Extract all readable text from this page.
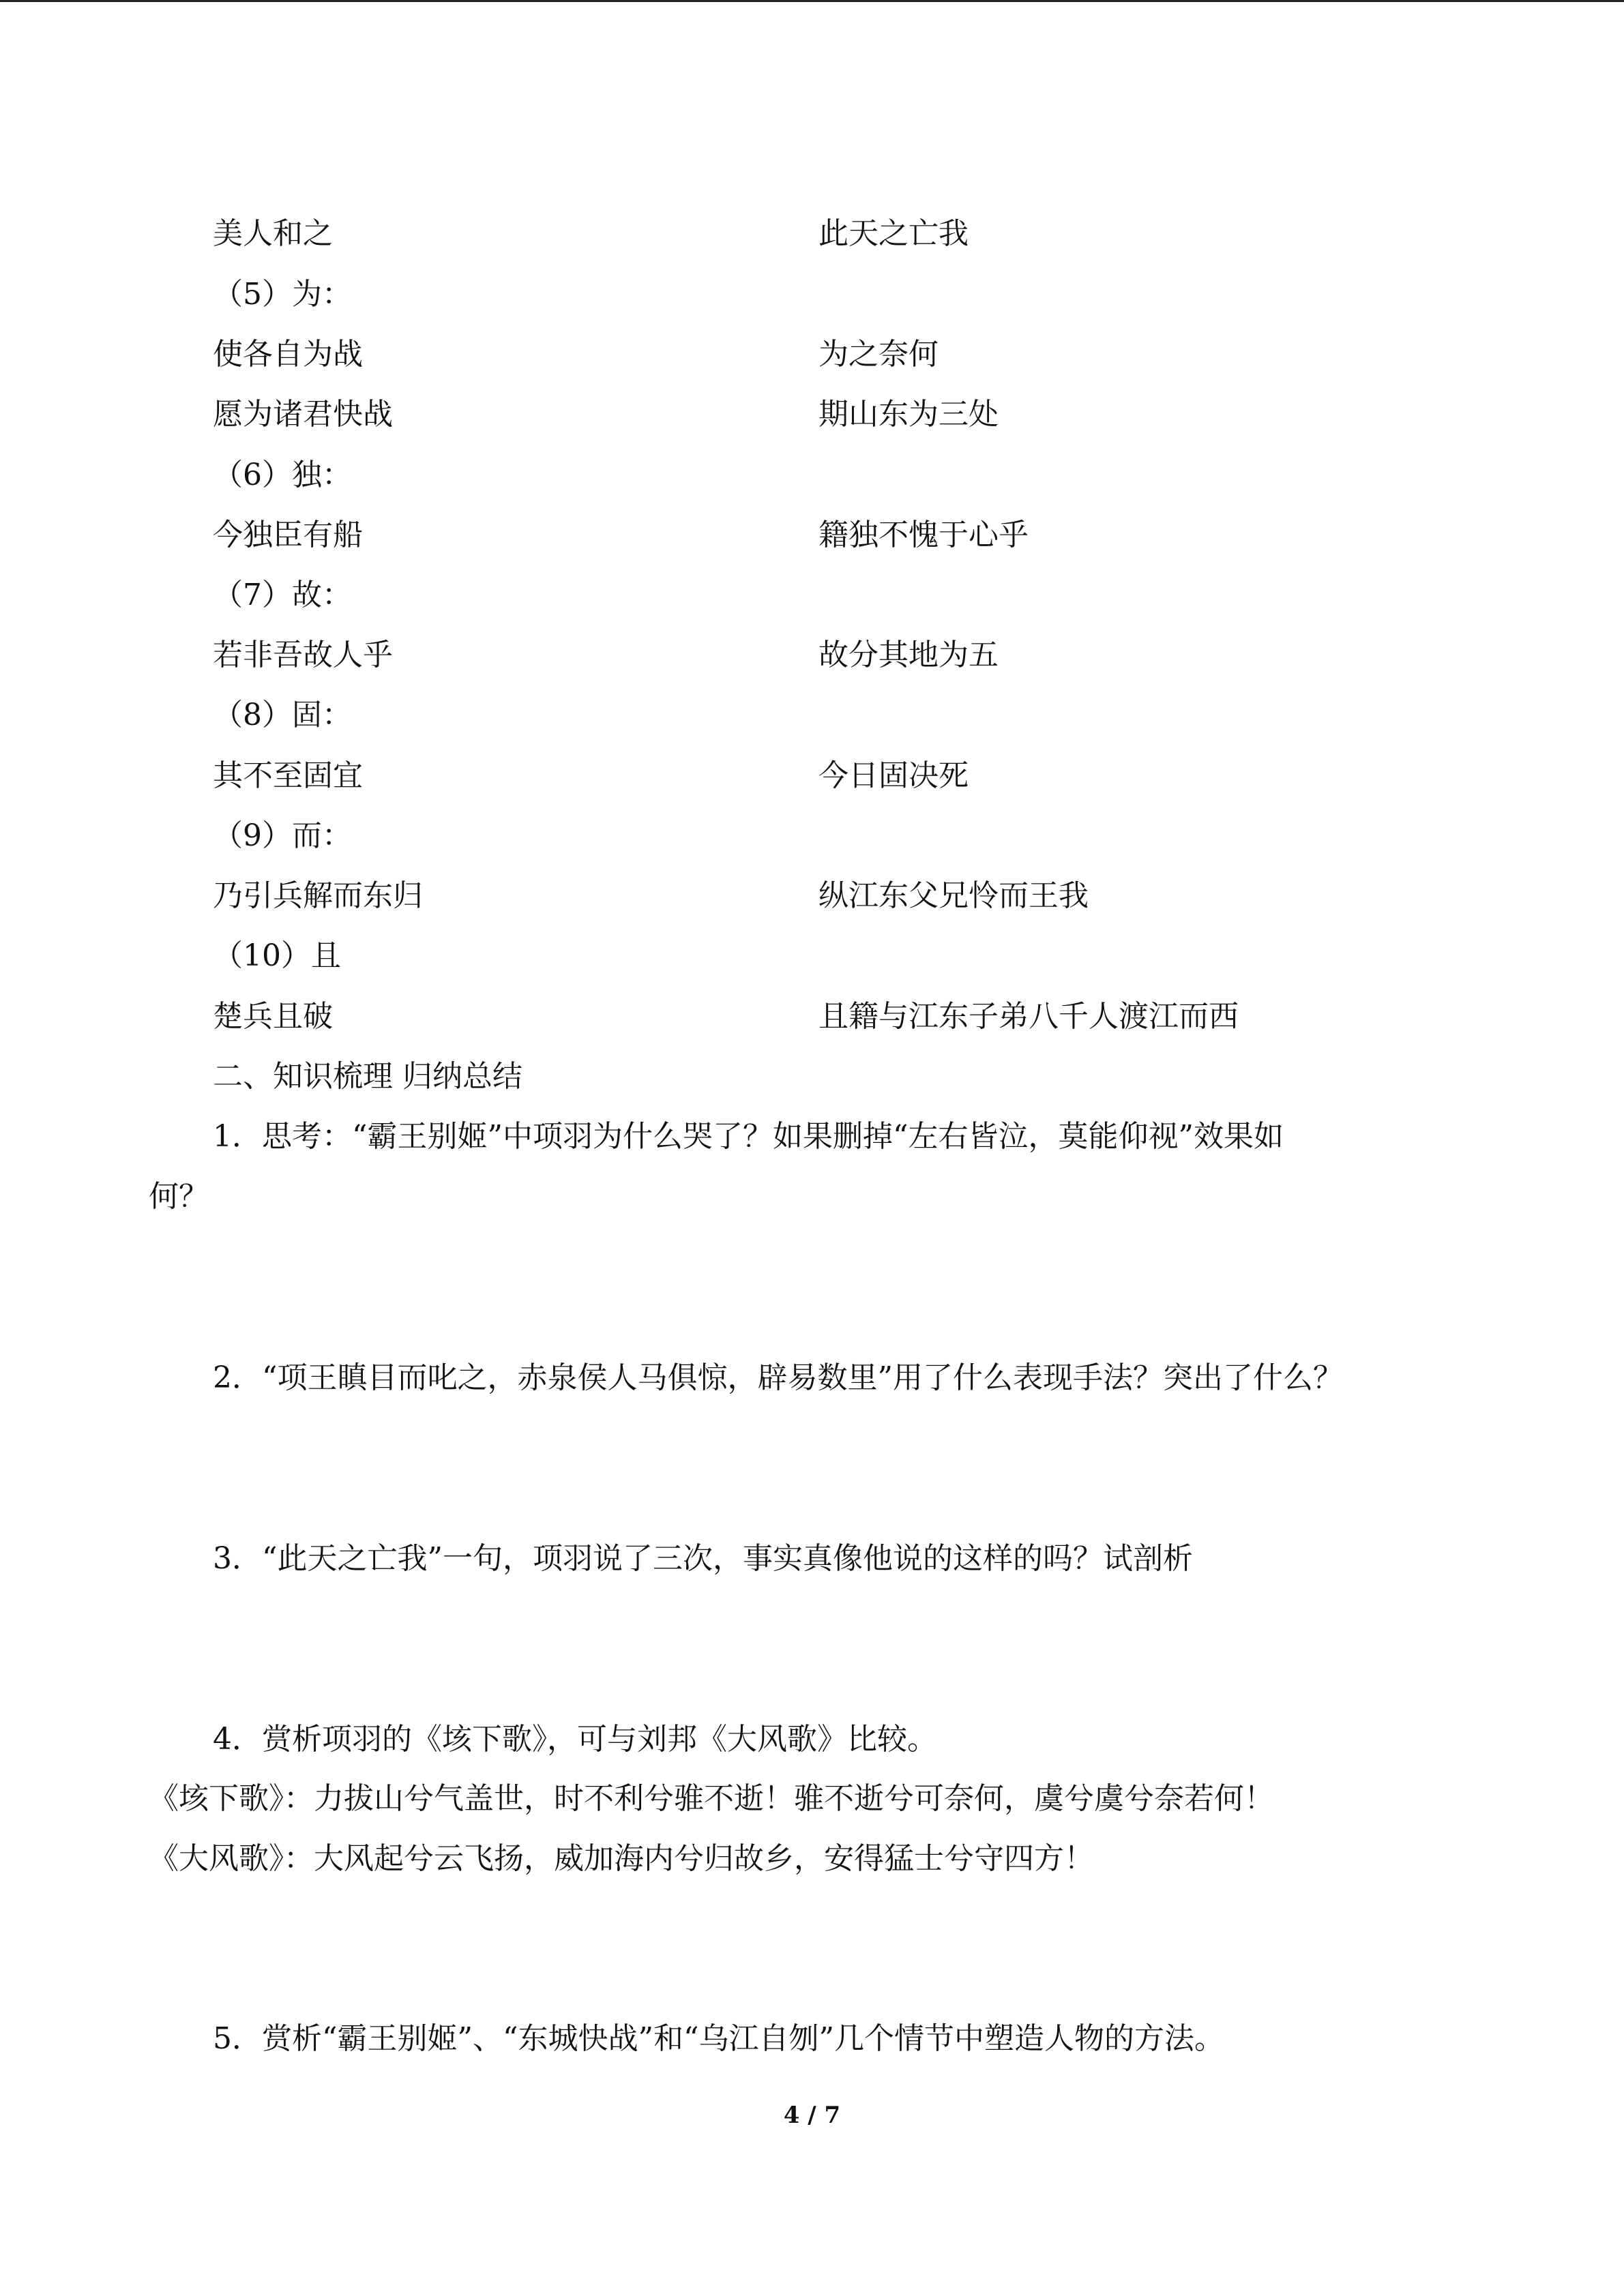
美人和之	此天之亡我
（5）为：
使各自为战	为之奈何
愿为诸君快战	期山东为三处
（6）独：
今独臣有船	籍独不愧于心乎
（7）故：
若非吾故人乎	故分其地为五
（8）固：
其不至固宜	今日固决死
（9）而：
乃引兵解而东归	纵江东父兄怜而王我
（10）且
楚兵且破	且籍与江东子弟八千人渡江而西
二、知识梳理 归纳总结
1．思考：“霸王别姬”中项羽为什么哭了？如果删掉“左右皆泣，莫能仰视”效果如
何？
2．“项王瞋目而叱之，赤泉侯人马俱惊，辟易数里”用了什么表现手法？突出了什么？
3．“此天之亡我”一句，项羽说了三次，事实真像他说的这样的吗？试剖析
4．赏析项羽的《垓下歌》，可与刘邦《大风歌》比较。
《垓下歌》：力拔山兮气盖世，时不利兮骓不逝！骓不逝兮可奈何，虞兮虞兮奈若何！
《大风歌》：大风起兮云飞扬，威加海内兮归故乡，安得猛士兮守四方！
5．赏析“霸王别姬”、“东城快战”和“乌江自刎”几个情节中塑造人物的方法。
4 / 7
